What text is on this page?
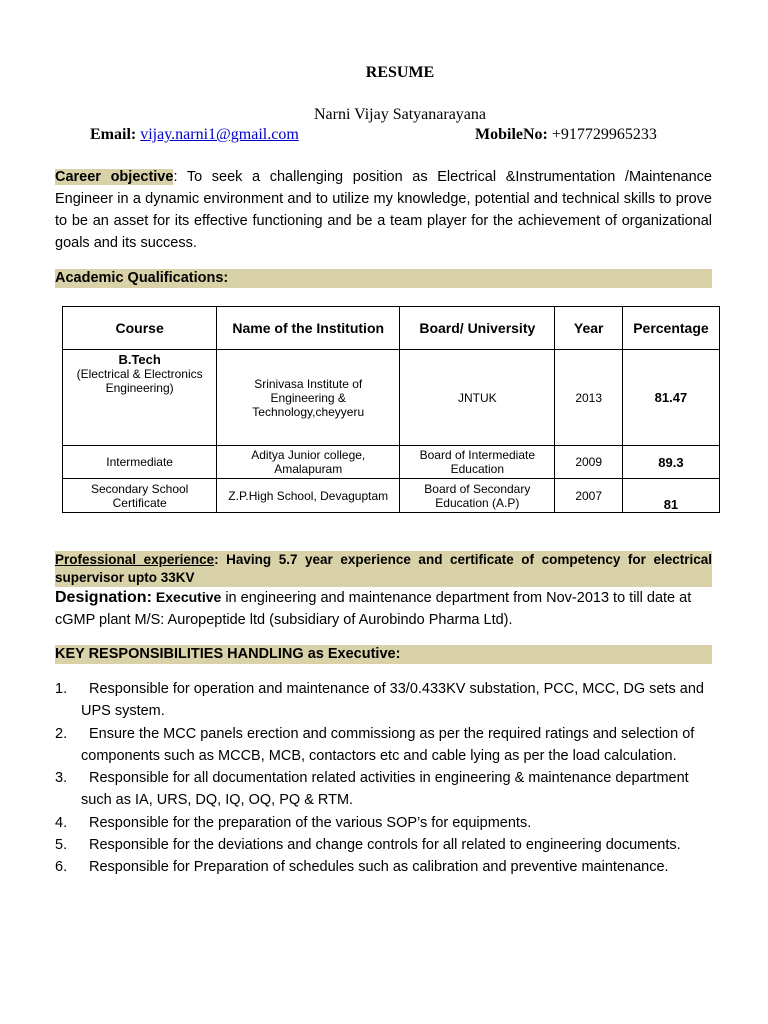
RESUME
Narni Vijay Satyanarayana
Email: vijay.narni1@gmail.com	MobileNo: +917729965233
Career objective: To seek a challenging position as Electrical &Instrumentation /Maintenance Engineer in a dynamic environment and to utilize my knowledge, potential and technical skills to prove to be an asset for its effective functioning and be a team player for the achievement of organizational goals and its success.
Academic Qualifications:
Course	Name of the Institution	Board/ University	Year	Percentage

B.Tech
(Electrical & Electronics Engineering)	Srinivasa Institute of Engineering & Technology,cheyyeru	JNTUK	2013	81.47
Intermediate	Aditya Junior college, Amalapuram	Board of Intermediate Education	2009	89.3
Secondary School Certificate	Z.P.High School, Devaguptam	Board of Secondary Education (A.P)	2007	81
Professional experience: Having 5.7 year experience and certificate of competency for electrical supervisor upto 33KV
Designation: Executive in engineering and maintenance department from Nov-2013 to till date at cGMP plant M/S: Auropeptide ltd (subsidiary of Aurobindo Pharma Ltd).
KEY RESPONSIBILITIES HANDLING as Executive:
1. Responsible for operation and maintenance of 33/0.433KV substation, PCC, MCC, DG sets and UPS system.
2. Ensure the MCC panels erection and commissiong as per the required ratings and selection of components such as MCCB, MCB, contactors etc and cable lying as per the load calculation.
3. Responsible for all documentation related activities in engineering & maintenance department such as IA, URS, DQ, IQ, OQ, PQ & RTM.
4. Responsible for the preparation of the various SOP’s for equipments.
5. Responsible for the deviations and change controls for all related to engineering documents.
6. Responsible for Preparation of schedules such as calibration and preventive maintenance.
